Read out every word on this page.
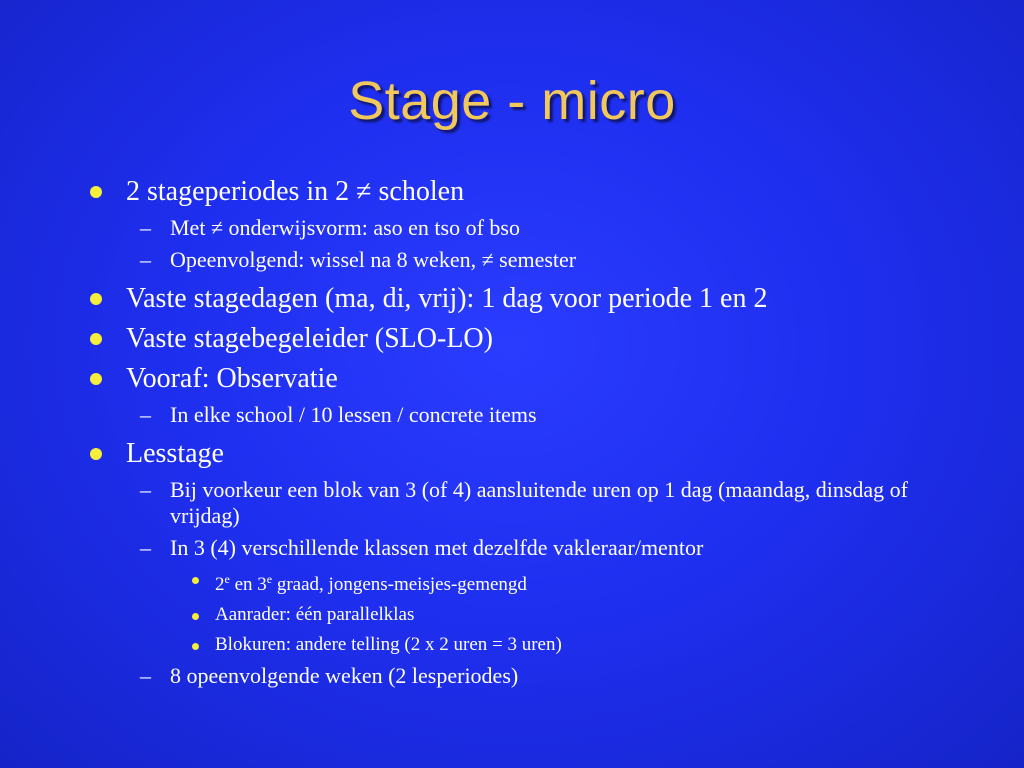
Stage - micro
2 stageperiodes in 2 ≠ scholen
– Met ≠ onderwijsvorm: aso en tso of bso
– Opeenvolgend: wissel na 8 weken, ≠ semester
Vaste stagedagen (ma, di, vrij): 1 dag voor periode 1 en 2
Vaste stagebegeleider (SLO-LO)
Vooraf: Observatie
– In elke school / 10 lessen / concrete items
Lesstage
– Bij voorkeur een blok van 3 (of 4) aansluitende uren op 1 dag (maandag, dinsdag of vrijdag)
– In 3 (4) verschillende klassen met dezelfde vakleraar/mentor
2e en 3e graad, jongens-meisjes-gemengd
Aanrader: één parallelklas
Blokuren: andere telling (2 x 2 uren = 3 uren)
– 8 opeenvolgende weken (2 lesperiodes)
